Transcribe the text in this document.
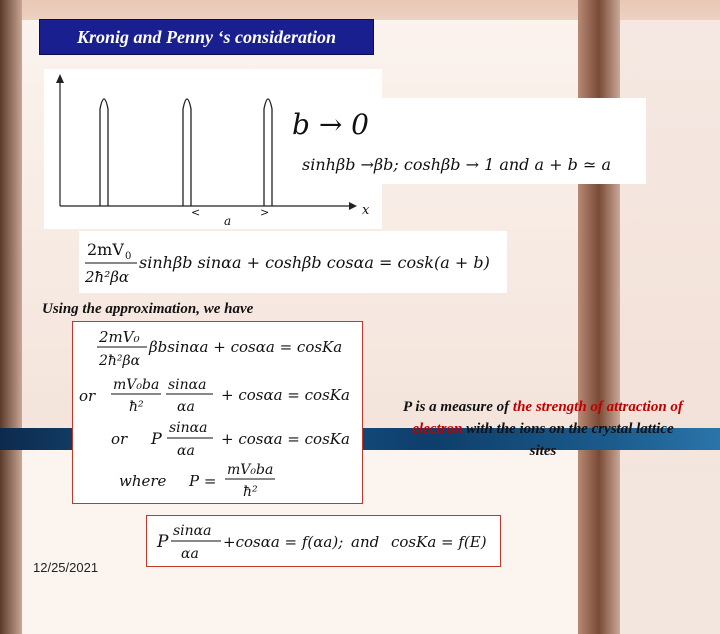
Kronig and Penny ‘s consideration
<	>
a
x
b → 0
sinhβb →βb; coshβb → 1 and a + b ≃ a
2mV 0
2ħ²βα
sinhβb sinαa + coshβb cosαa = cosk(a + b)
Using the approximation, we have
2mV₀
2ħ²βα
βbsinαa + cosαa = cosKa
or
mV₀ba
ħ²
sinαa
αa
+ cosαa = cosKa
or P
sinαa
αa
+ cosαa = cosKa
where P =
mV₀ba
ħ²
P is a measure of the strength of attraction of electron with the ions on the crystal lattice sites
P
sinαa
αa
+cosαa = f(αa); and cosKa = f(E)
12/25/2021
